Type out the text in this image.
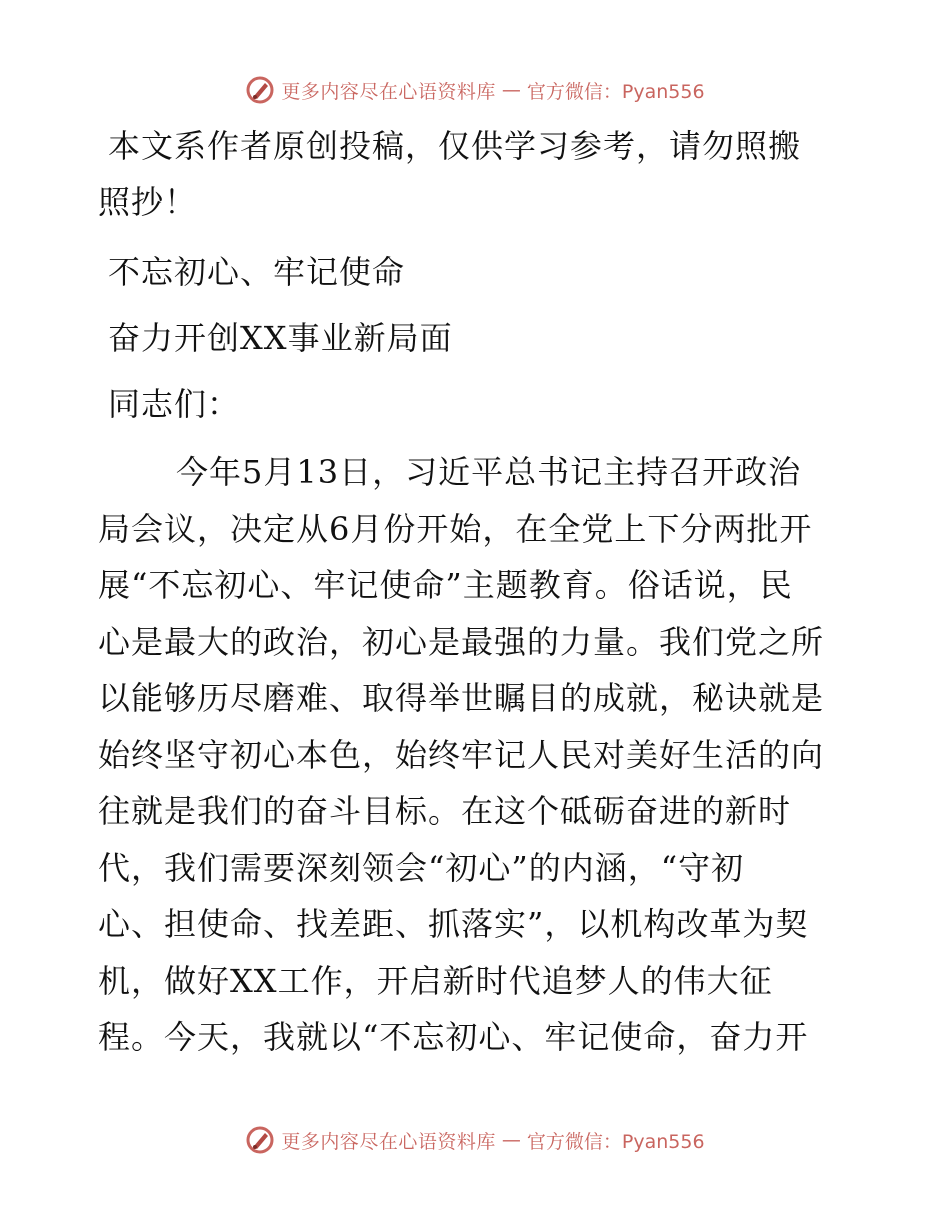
更多内容尽在心语资料库 — 官方微信：Pyan556
本文系作者原创投稿，仅供学习参考，请勿照搬
照抄！
不忘初心、牢记使命
奋力开创XX事业新局面
同志们：
今年5月13日，习近平总书记主持召开政治
局会议，决定从6月份开始，在全党上下分两批开
展“不忘初心、牢记使命”主题教育。俗话说，民
心是最大的政治，初心是最强的力量。我们党之所
以能够历尽磨难、取得举世瞩目的成就，秘诀就是
始终坚守初心本色，始终牢记人民对美好生活的向
往就是我们的奋斗目标。在这个砥砺奋进的新时
代，我们需要深刻领会“初心”的内涵，“守初
心、担使命、找差距、抓落实”，以机构改革为契
机，做好XX工作，开启新时代追梦人的伟大征
程。今天，我就以“不忘初心、牢记使命，奋力开
更多内容尽在心语资料库 — 官方微信：Pyan556
